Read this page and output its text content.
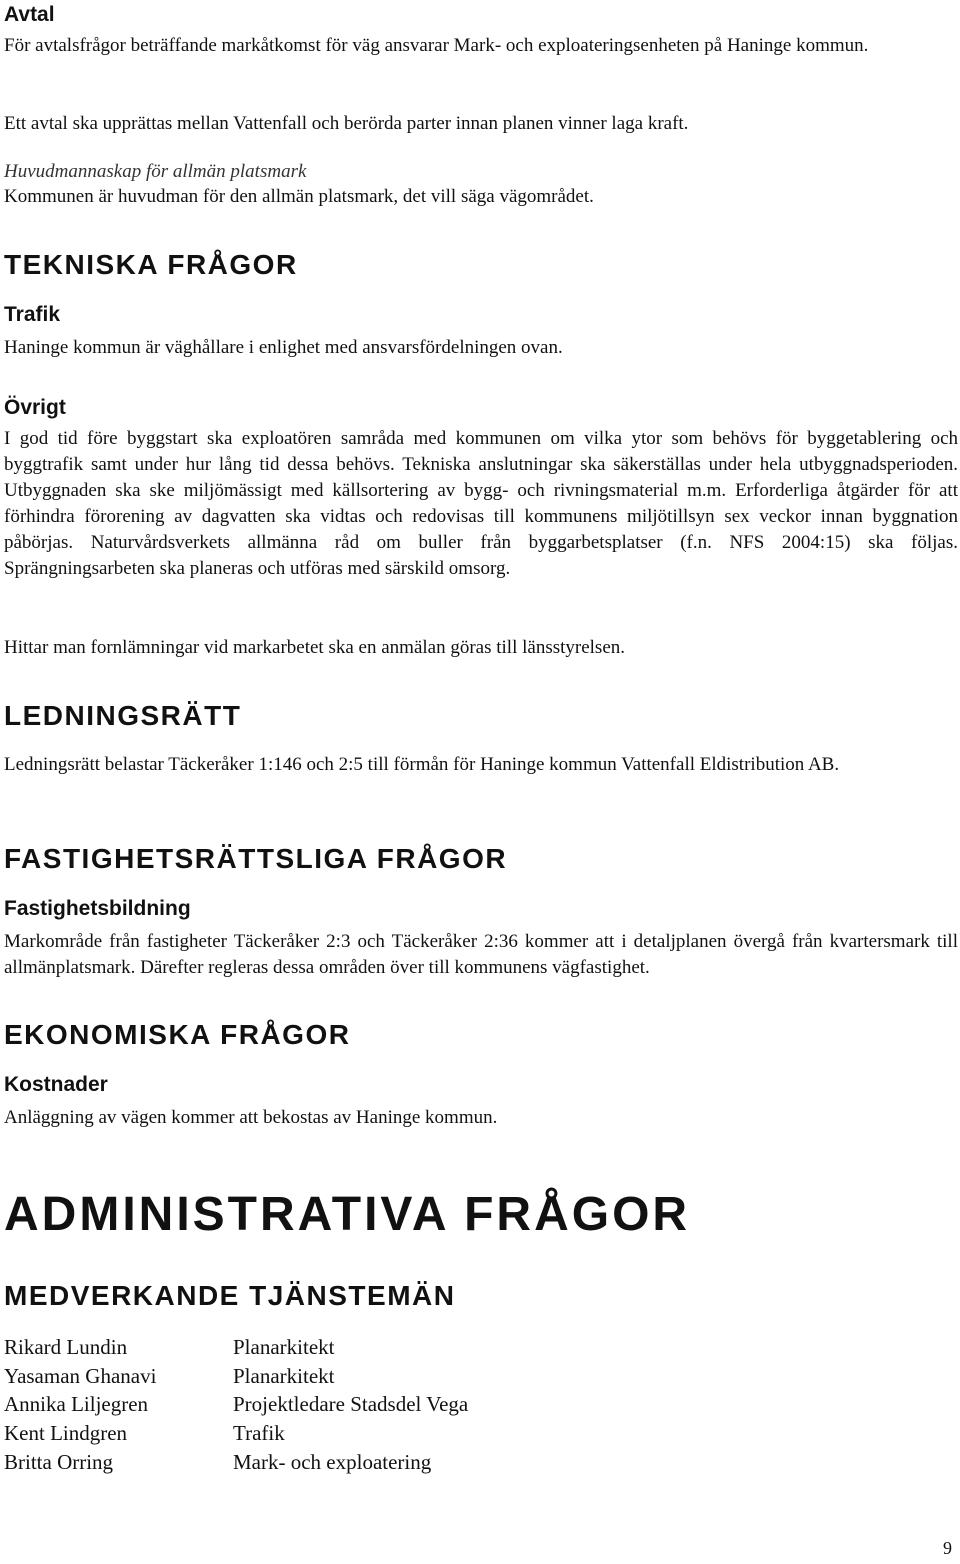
Avtal

För avtalsfrågor beträffande markåtkomst för väg ansvarar Mark- och exploateringsenheten på Haninge kommun.

Ett avtal ska upprättas mellan Vattenfall och berörda parter innan planen vinner laga kraft.

Huvudmannaskap för allmän platsmark

Kommunen är huvudman för den allmän platsmark, det vill säga vägområdet.

TEKNISKA FRÅGOR
Trafik

Haninge kommun är väghållare i enlighet med ansvarsfördelningen ovan.

Övrigt

I god tid före byggstart ska exploatören samråda med kommunen om vilka ytor som behövs för byggetablering och byggtrafik samt under hur lång tid dessa behövs. Tekniska anslutningar ska säkerställas under hela utbyggnadsperioden. Utbyggnaden ska ske miljömässigt med källsortering av bygg- och rivningsmaterial m.m. Erforderliga åtgärder för att förhindra förorening av dagvatten ska vidtas och redovisas till kommunens miljötillsyn sex veckor innan byggnation påbörjas. Naturvårdsverkets allmänna råd om buller från byggarbetsplatser (f.n. NFS 2004:15) ska följas. Sprängningsarbeten ska planeras och utföras med särskild omsorg.

Hittar man fornlämningar vid markarbetet ska en anmälan göras till länsstyrelsen.

LEDNINGSRÄTT

Ledningsrätt belastar Täckeråker 1:146 och 2:5 till förmån för Haninge kommun Vattenfall Eldistribution AB.

FASTIGHETSRÄTTSLIGA FRÅGOR
Fastighetsbildning

Markområde från fastigheter Täckeråker 2:3 och Täckeråker 2:36 kommer att i detaljplanen övergå från kvartersmark till allmänplatsmark. Därefter regleras dessa områden över till kommunens vägfastighet.

EKONOMISKA FRÅGOR
Kostnader

Anläggning av vägen kommer att bekostas av Haninge kommun.

ADMINISTRATIVA FRÅGOR
MEDVERKANDE TJÄNSTEMÄN
Rikard Lundin	Planarkitekt
Yasaman Ghanavi	Planarkitekt
Annika Liljegren	Projektledare Stadsdel Vega
Kent Lindgren	Trafik
Britta Orring	Mark- och exploatering

9
